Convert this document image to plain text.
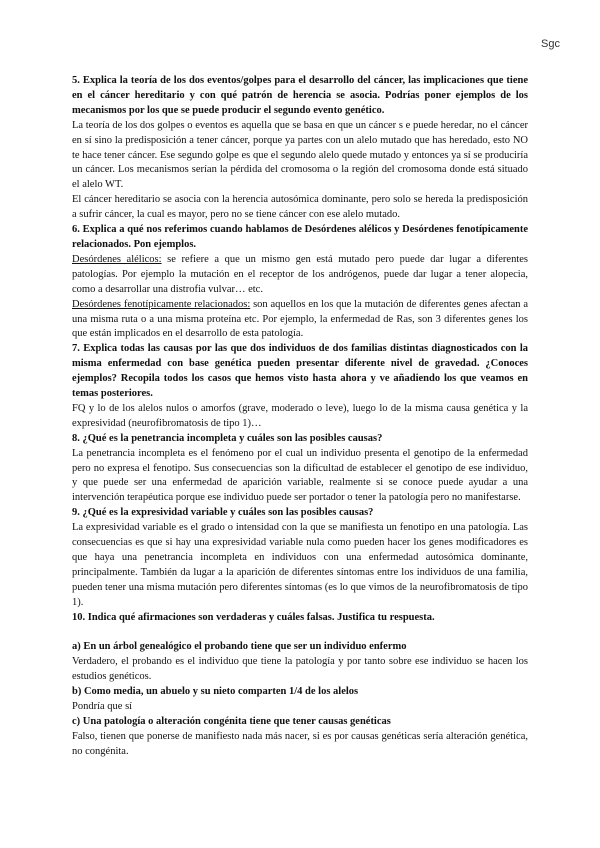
Sgc

5. Explica la teoría de los dos eventos/golpes para el desarrollo del cáncer, las implicaciones que tiene en el cáncer hereditario y con qué patrón de herencia se asocia. Podrías poner ejemplos de los mecanismos por los que se puede producir el segundo evento genético.

La teoría de los dos golpes o eventos es aquella que se basa en que un cáncer s e puede heredar, no el cáncer en sí sino la predisposición a tener cáncer, porque ya partes con un alelo mutado que has heredado, esto NO te hace tener cáncer. Ese segundo golpe es que el segundo alelo quede mutado y entonces ya sí se produciría un cáncer. Los mecanismos serían la pérdida del cromosoma o la región del cromosoma donde está situado el alelo WT.

El cáncer hereditario se asocia con la herencia autosómica dominante, pero solo se hereda la predisposición a sufrir cáncer, la cual es mayor, pero no se tiene cáncer con ese alelo mutado.

6. Explica a qué nos referimos cuando hablamos de Desórdenes alélicos y Desórdenes fenotípicamente relacionados. Pon ejemplos.

Desórdenes alélicos: se refiere a que un mismo gen está mutado pero puede dar lugar a diferentes patologías. Por ejemplo la mutación en el receptor de los andrógenos, puede dar lugar a tener alopecia, como a desarrollar una distrofia vulvar… etc.

Desórdenes fenotípicamente relacionados: son aquellos en los que la mutación de diferentes genes afectan a una misma ruta o a una misma proteína etc. Por ejemplo, la enfermedad de Ras, son 3 diferentes genes los que están implicados en el desarrollo de esta patología.

7. Explica todas las causas por las que dos individuos de dos familias distintas diagnosticados con la misma enfermedad con base genética pueden presentar diferente nivel de gravedad. ¿Conoces ejemplos? Recopila todos los casos que hemos visto hasta ahora y ve añadiendo los que veamos en temas posteriores.

FQ y lo de los alelos nulos o amorfos (grave, moderado o leve), luego lo de la misma causa genética y la expresividad (neurofibromatosis de tipo 1)…

8. ¿Qué es la penetrancia incompleta y cuáles son las posibles causas?

La penetrancia incompleta es el fenómeno por el cual un individuo presenta el genotipo de la enfermedad pero no expresa el fenotipo. Sus consecuencias son la dificultad de establecer el genotipo de ese individuo, y que puede ser una enfermedad de aparición variable, realmente si se conoce puede ayudar a una intervención terapéutica porque ese individuo puede ser portador o tener la patología pero no manifestarse.

9. ¿Qué es la expresividad variable y cuáles son las posibles causas?

La expresividad variable es el grado o intensidad con la que se manifiesta un fenotipo en una patología. Las consecuencias es que si hay una expresividad variable nula como pueden hacer los genes modificadores es que haya una penetrancia incompleta en individuos con una enfermedad autosómica dominante, principalmente. También da lugar a la aparición de diferentes síntomas entre los individuos de una familia, pueden tener una misma mutación pero diferentes síntomas (es lo que vimos de la neurofibromatosis de tipo 1).

10. Indica qué afirmaciones son verdaderas y cuáles falsas. Justifica tu respuesta.

a) En un árbol genealógico el probando tiene que ser un individuo enfermo

Verdadero, el probando es el individuo que tiene la patología y por tanto sobre ese individuo se hacen los estudios genéticos.

b) Como media, un abuelo y su nieto comparten 1/4 de los alelos

Pondría que sí

c) Una patología o alteración congénita tiene que tener causas genéticas

Falso, tienen que ponerse de manifiesto nada más nacer, si es por causas genéticas sería alteración genética, no congénita.
